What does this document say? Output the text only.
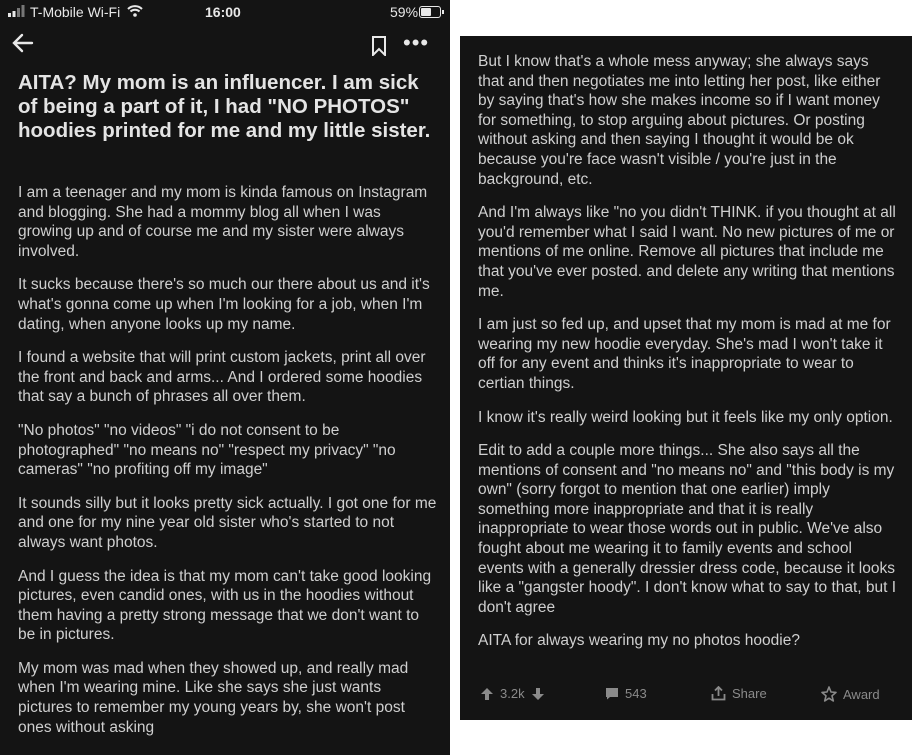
T-Mobile Wi-Fi	16:00	59%
•••
AITA? My mom is an influencer. I am sick of being a part of it, I had "NO PHOTOS" hoodies printed for me and my little sister.

I am a teenager and my mom is kinda famous on Instagram and blogging. She had a mommy blog all when I was growing up and of course me and my sister were always involved.

It sucks because there's so much our there about us and it's what's gonna come up when I'm looking for a job, when I'm dating, when anyone looks up my name.

I found a website that will print custom jackets, print all over the front and back and arms... And I ordered some hoodies that say a bunch of phrases all over them.

"No photos" "no videos" "i do not consent to be photographed" "no means no" "respect my privacy" "no cameras" "no profiting off my image"

It sounds silly but it looks pretty sick actually. I got one for me and one for my nine year old sister who's started to not always want photos.

And I guess the idea is that my mom can't take good looking pictures, even candid ones, with us in the hoodies without them having a pretty strong message that we don't want to be in pictures.

My mom was mad when they showed up, and really mad when I'm wearing mine. Like she says she just wants pictures to remember my young years by, she won't post ones without asking

But I know that's a whole mess anyway; she always says that and then negotiates me into letting her post, like either by saying that's how she makes income so if I want money for something, to stop arguing about pictures. Or posting without asking and then saying I thought it would be ok because you're face wasn't visible / you're just in the background, etc.

And I'm always like "no you didn't THINK. if you thought at all you'd remember what I said I want. No new pictures of me or mentions of me online. Remove all pictures that include me that you've ever posted. and delete any writing that mentions me.

I am just so fed up, and upset that my mom is mad at me for wearing my new hoodie everyday. She's mad I won't take it off for any event and thinks it's inappropriate to wear to certian things.

I know it's really weird looking but it feels like my only option.

Edit to add a couple more things... She also says all the mentions of consent and "no means no" and "this body is my own" (sorry forgot to mention that one earlier) imply something more inappropriate and that it is really inappropriate to wear those words out in public. We've also fought about me wearing it to family events and school events with a generally dressier dress code, because it looks like a "gangster hoody". I don't know what to say to that, but I don't agree

AITA for always wearing my no photos hoodie?

3.2k	543	Share	Award
